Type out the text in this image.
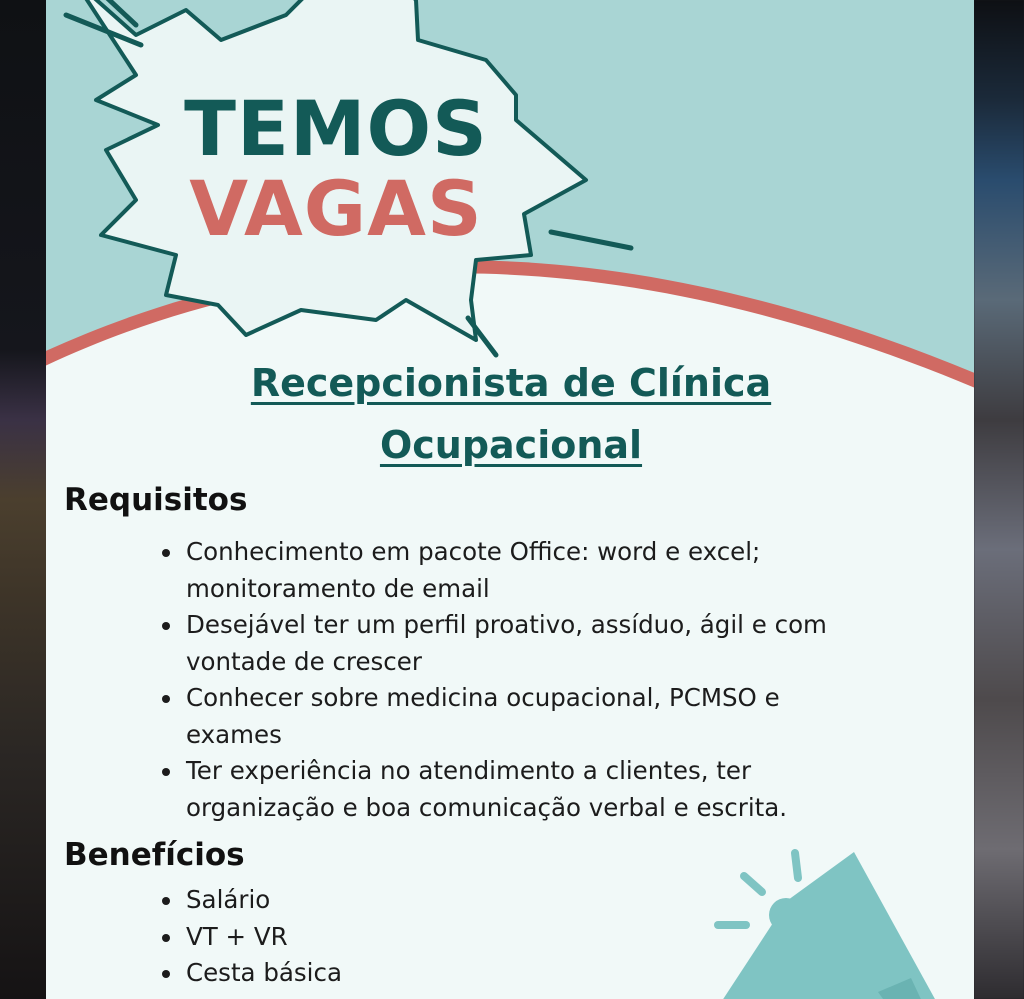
TEMOS
VAGAS
Recepcionista de Clínica Ocupacional
Requisitos
Conhecimento em pacote Office: word e excel; monitoramento de email
Desejável ter um perfil proativo, assíduo, ágil e com vontade de crescer
Conhecer sobre medicina ocupacional, PCMSO e exames
Ter experiência no atendimento a clientes, ter organização e boa comunicação verbal e escrita.
Benefícios
Salário
VT + VR
Cesta básica
